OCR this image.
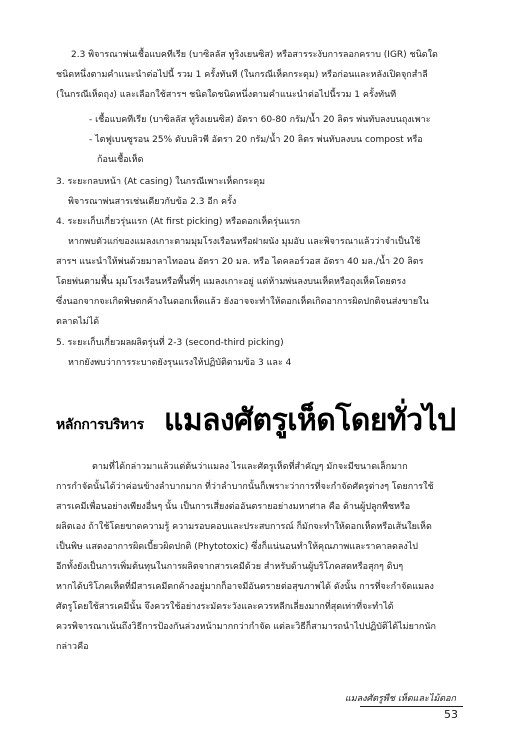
2.3 พิจารณาพ่นเชื้อแบคทีเรีย (บาซิลลัส ทูริงเยนซิส) หรือสารระงับการลอกคราบ (IGR) ชนิดใด

ชนิดหนึ่งตามคำแนะนำต่อไปนี้ รวม 1 ครั้งทันที (ในกรณีเห็ดกระดุม) หรือก่อนและหลังเปิดจุกสำลี

(ในกรณีเห็ดถุง) และเลือกใช้สารฯ ชนิดใดชนิดหนึ่งตามคำแนะนำต่อไปนี้รวม 1 ครั้งทันที

- เชื้อแบคทีเรีย (บาซิลลัส ทูริงเยนซิส) อัตรา 60-80 กรัม/น้ำ 20 ลิตร พ่นทับลงบนถุงเพาะ

- ไตฟูเบนซูรอน 25% ดับบลิวพี อัตรา 20 กรัม/น้ำ 20 ลิตร พ่นทับลงบน compost หรือ

ก้อนเชื้อเห็ด

3. ระยะกลบหน้า (At casing) ในกรณีเพาะเห็ดกระดุม

พิจารณาพ่นสารเช่นเดียวกับข้อ 2.3 อีก ครั้ง

4. ระยะเก็บเกี่ยวรุ่นแรก (At first picking) หรือดอกเห็ดรุ่นแรก

หากพบตัวแก่ของแมลงเกาะตามมุมโรงเรือนหรือฝาผนัง มุมอับ และพิจารณาแล้วว่าจำเป็นใช้

สารฯ แนะนำให้พ่นด้วยมาลาไทออน อัตรา 20 มล. หรือ ไดคลอร์วอส อัตรา 40 มล./น้ำ 20 ลิตร

โดยพ่นตามพื้น มุมโรงเรือนหรือพื้นที่ๆ แมลงเกาะอยู่ แต่ห้ามพ่นลงบนเห็ดหรือถุงเห็ดโดยตรง

ซึ่งนอกจากจะเกิดพิษตกค้างในดอกเห็ดแล้ว ยังอาจจะทำให้ดอกเห็ดเกิดอาการผิดปกติจนส่งขายใน

ตลาดไม่ได้

5. ระยะเก็บเกี่ยวผลผลิตรุ่นที่ 2-3 (second-third picking)

หากยังพบว่าการระบาดยังรุนแรงให้ปฏิบัติตามข้อ 3 และ 4

หลักการบริหาร แมลงศัตรูเห็ดโดยทั่วไป

ตามที่ได้กล่าวมาแล้วแต่ต้นว่าแมลง ไรและศัตรูเห็ดที่สำคัญๆ มักจะมีขนาดเล็กมาก

การกำจัดนั้นได้ว่าค่อนข้างลำบากมาก ที่ว่าลำบากนั้นก็เพราะว่าการที่จะกำจัดศัตรูต่างๆ โดยการใช้

สารเคมีเพื่อนอย่างเพียงอื่นๆ นั้น เป็นการเสี่ยงต่ออันตรายอย่างมหาศาล คือ ด้านผู้ปลูกพืชหรือ

ผลิตเอง ถ้าใช้โดยขาดความรู้ ความรอบคอบและประสบการณ์ ก็มักจะทำให้ดอกเห็ดหรือเส้นใยเห็ด

เป็นพิษ แสดงอาการผิดเบี้ยวผิดปกติ (Phytotoxic) ซึ่งก็แน่นอนทำให้คุณภาพและราคาลดลงไป

อีกทั้งยังเป็นการเพิ่มต้นทุนในการผลิตจากสารเคมีด้วย สำหรับด้านผู้บริโภคสดหรือสุกๆ ดิบๆ

หากได้บริโภคเห็ดที่มีสารเคมีตกค้างอยู่มากก็อาจมีอันตรายต่อสุขภาพได้ ดังนั้น การที่จะกำจัดแมลง

ศัตรูโดยใช้สารเคมีนั้น จึงควรใช้อย่างระมัดระวังและควรหลีกเลี่ยงมากที่สุดเท่าที่จะทำได้

ควรพิจารณาเน้นถึงวิธีการป้องกันล่วงหน้ามากกว่ากำจัด แต่ละวิธีก็สามารถนำไปปฏิบัติได้ไม่ยากนัก

กล่าวคือ

แมลงศัตรูพืช เห็ดและไม้ดอก
53
